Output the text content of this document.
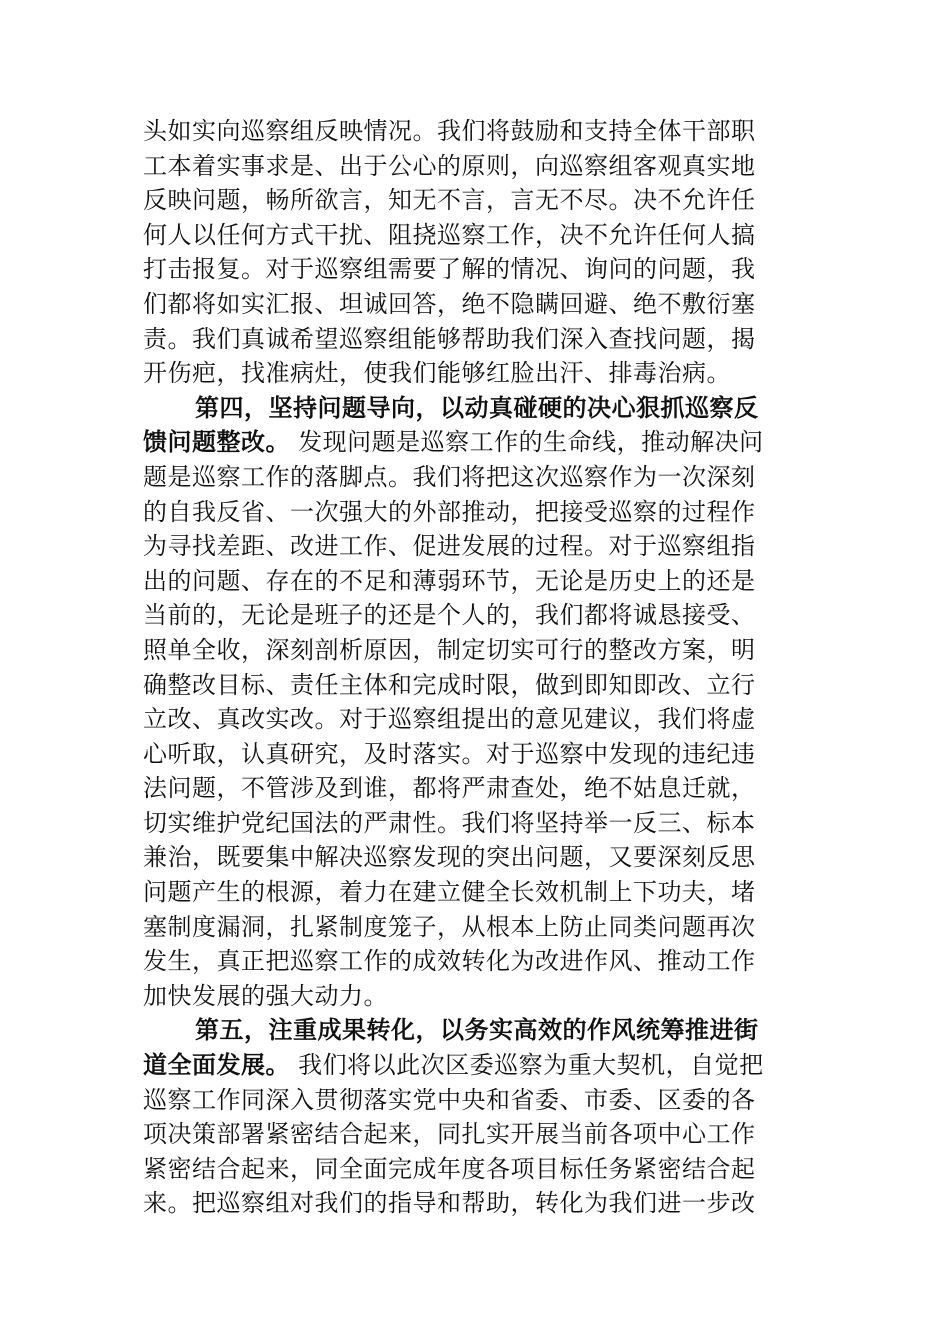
头如实向巡察组反映情况。我们将鼓励和支持全体干部职
工本着实事求是、出于公心的原则，向巡察组客观真实地
反映问题，畅所欲言，知无不言，言无不尽。决不允许任
何人以任何方式干扰、阻挠巡察工作，决不允许任何人搞
打击报复。对于巡察组需要了解的情况、询问的问题，我
们都将如实汇报、坦诚回答，绝不隐瞒回避、绝不敷衍塞
责。我们真诚希望巡察组能够帮助我们深入查找问题，揭
开伤疤，找准病灶，使我们能够红脸出汗、排毒治病。
第四，坚持问题导向，以动真碰硬的决心狠抓巡察反
馈问题整改。 发现问题是巡察工作的生命线，推动解决问
题是巡察工作的落脚点。我们将把这次巡察作为一次深刻
的自我反省、一次强大的外部推动，把接受巡察的过程作
为寻找差距、改进工作、促进发展的过程。对于巡察组指
出的问题、存在的不足和薄弱环节，无论是历史上的还是
当前的，无论是班子的还是个人的，我们都将诚恳接受、
照单全收，深刻剖析原因，制定切实可行的整改方案，明
确整改目标、责任主体和完成时限，做到即知即改、立行
立改、真改实改。对于巡察组提出的意见建议，我们将虚
心听取，认真研究，及时落实。对于巡察中发现的违纪违
法问题，不管涉及到谁，都将严肃查处，绝不姑息迁就，
切实维护党纪国法的严肃性。我们将坚持举一反三、标本
兼治，既要集中解决巡察发现的突出问题，又要深刻反思
问题产生的根源，着力在建立健全长效机制上下功夫，堵
塞制度漏洞，扎紧制度笼子，从根本上防止同类问题再次
发生，真正把巡察工作的成效转化为改进作风、推动工作
加快发展的强大动力。
第五，注重成果转化，以务实高效的作风统筹推进街
道全面发展。 我们将以此次区委巡察为重大契机，自觉把
巡察工作同深入贯彻落实党中央和省委、市委、区委的各
项决策部署紧密结合起来，同扎实开展当前各项中心工作
紧密结合起来，同全面完成年度各项目标任务紧密结合起
来。把巡察组对我们的指导和帮助，转化为我们进一步改
